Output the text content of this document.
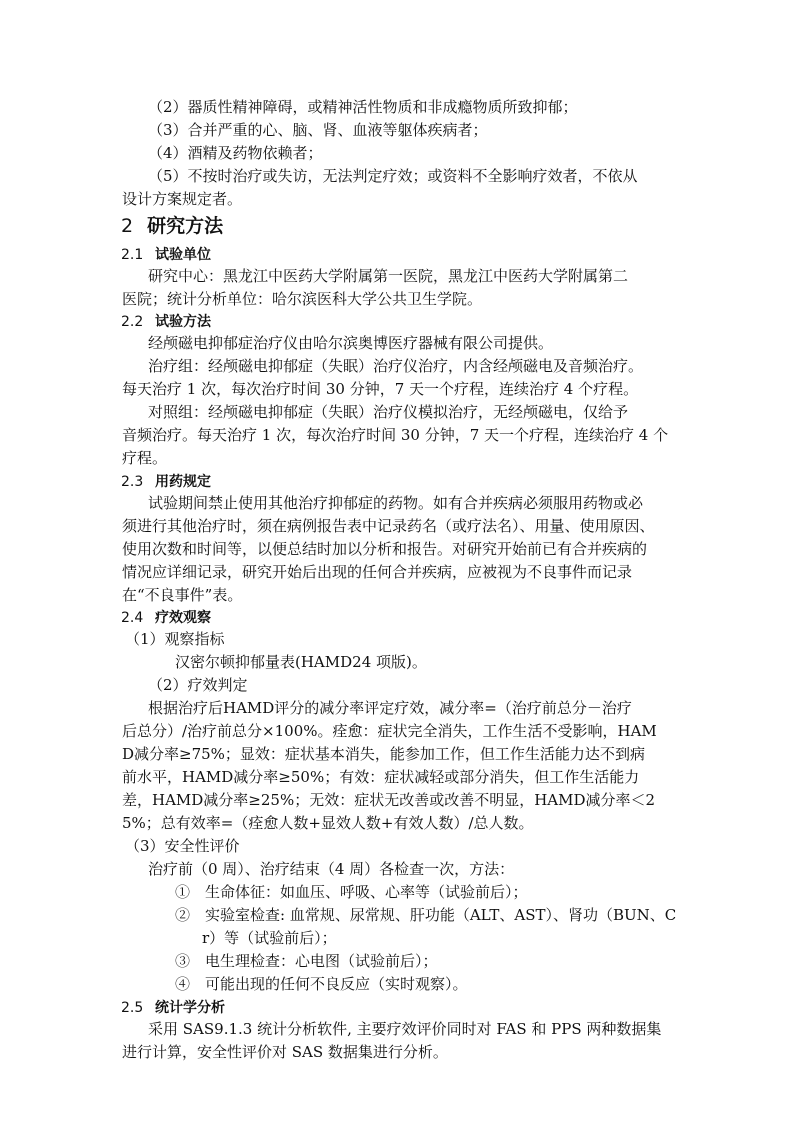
（2）器质性精神障碍，或精神活性物质和非成瘾物质所致抑郁；
（3）合并严重的心、脑、肾、血液等躯体疾病者；
（4）酒精及药物依赖者；
（5）不按时治疗或失访，无法判定疗效；或资料不全影响疗效者，不依从
设计方案规定者。
2 研究方法
2.1 试验单位
研究中心：黑龙江中医药大学附属第一医院，黑龙江中医药大学附属第二
医院；统计分析单位：哈尔滨医科大学公共卫生学院。
2.2 试验方法
经颅磁电抑郁症治疗仪由哈尔滨奥博医疗器械有限公司提供。
治疗组：经颅磁电抑郁症（失眠）治疗仪治疗，内含经颅磁电及音频治疗。
每天治疗 1 次，每次治疗时间 30 分钟，7 天一个疗程，连续治疗 4 个疗程。
对照组：经颅磁电抑郁症（失眠）治疗仪模拟治疗，无经颅磁电，仅给予
音频治疗。每天治疗 1 次，每次治疗时间 30 分钟，7 天一个疗程，连续治疗 4 个
疗程。
2.3 用药规定
试验期间禁止使用其他治疗抑郁症的药物。如有合并疾病必须服用药物或必
须进行其他治疗时，须在病例报告表中记录药名（或疗法名）、用量、使用原因、
使用次数和时间等，以便总结时加以分析和报告。对研究开始前已有合并疾病的
情况应详细记录，研究开始后出现的任何合并疾病，应被视为不良事件而记录
在“不良事件”表。
2.4 疗效观察
（1）观察指标
汉密尔顿抑郁量表(HAMD24 项版)。
（2）疗效判定
根据治疗后HAMD评分的减分率评定疗效，减分率=（治疗前总分－治疗
后总分）/治疗前总分×100%。痊愈：症状完全消失，工作生活不受影响，HAM
D减分率≥75%；显效：症状基本消失，能参加工作，但工作生活能力达不到病
前水平，HAMD减分率≥50%；有效：症状减轻或部分消失，但工作生活能力
差，HAMD减分率≥25%；无效：症状无改善或改善不明显，HAMD减分率＜2
5%；总有效率=（痊愈人数+显效人数+有效人数）/总人数。
（3）安全性评价
治疗前（0 周）、治疗结束（4 周）各检查一次，方法：
①　生命体征：如血压、呼吸、心率等（试验前后）；
②　实验室检查: 血常规、尿常规、肝功能（ALT、AST）、肾功（BUN、C
r）等（试验前后）；
③　电生理检查：心电图（试验前后）；
④　可能出现的任何不良反应（实时观察）。
2.5 统计学分析
采用 SAS9.1.3 统计分析软件, 主要疗效评价同时对 FAS 和 PPS 两种数据集
进行计算，安全性评价对 SAS 数据集进行分析。
